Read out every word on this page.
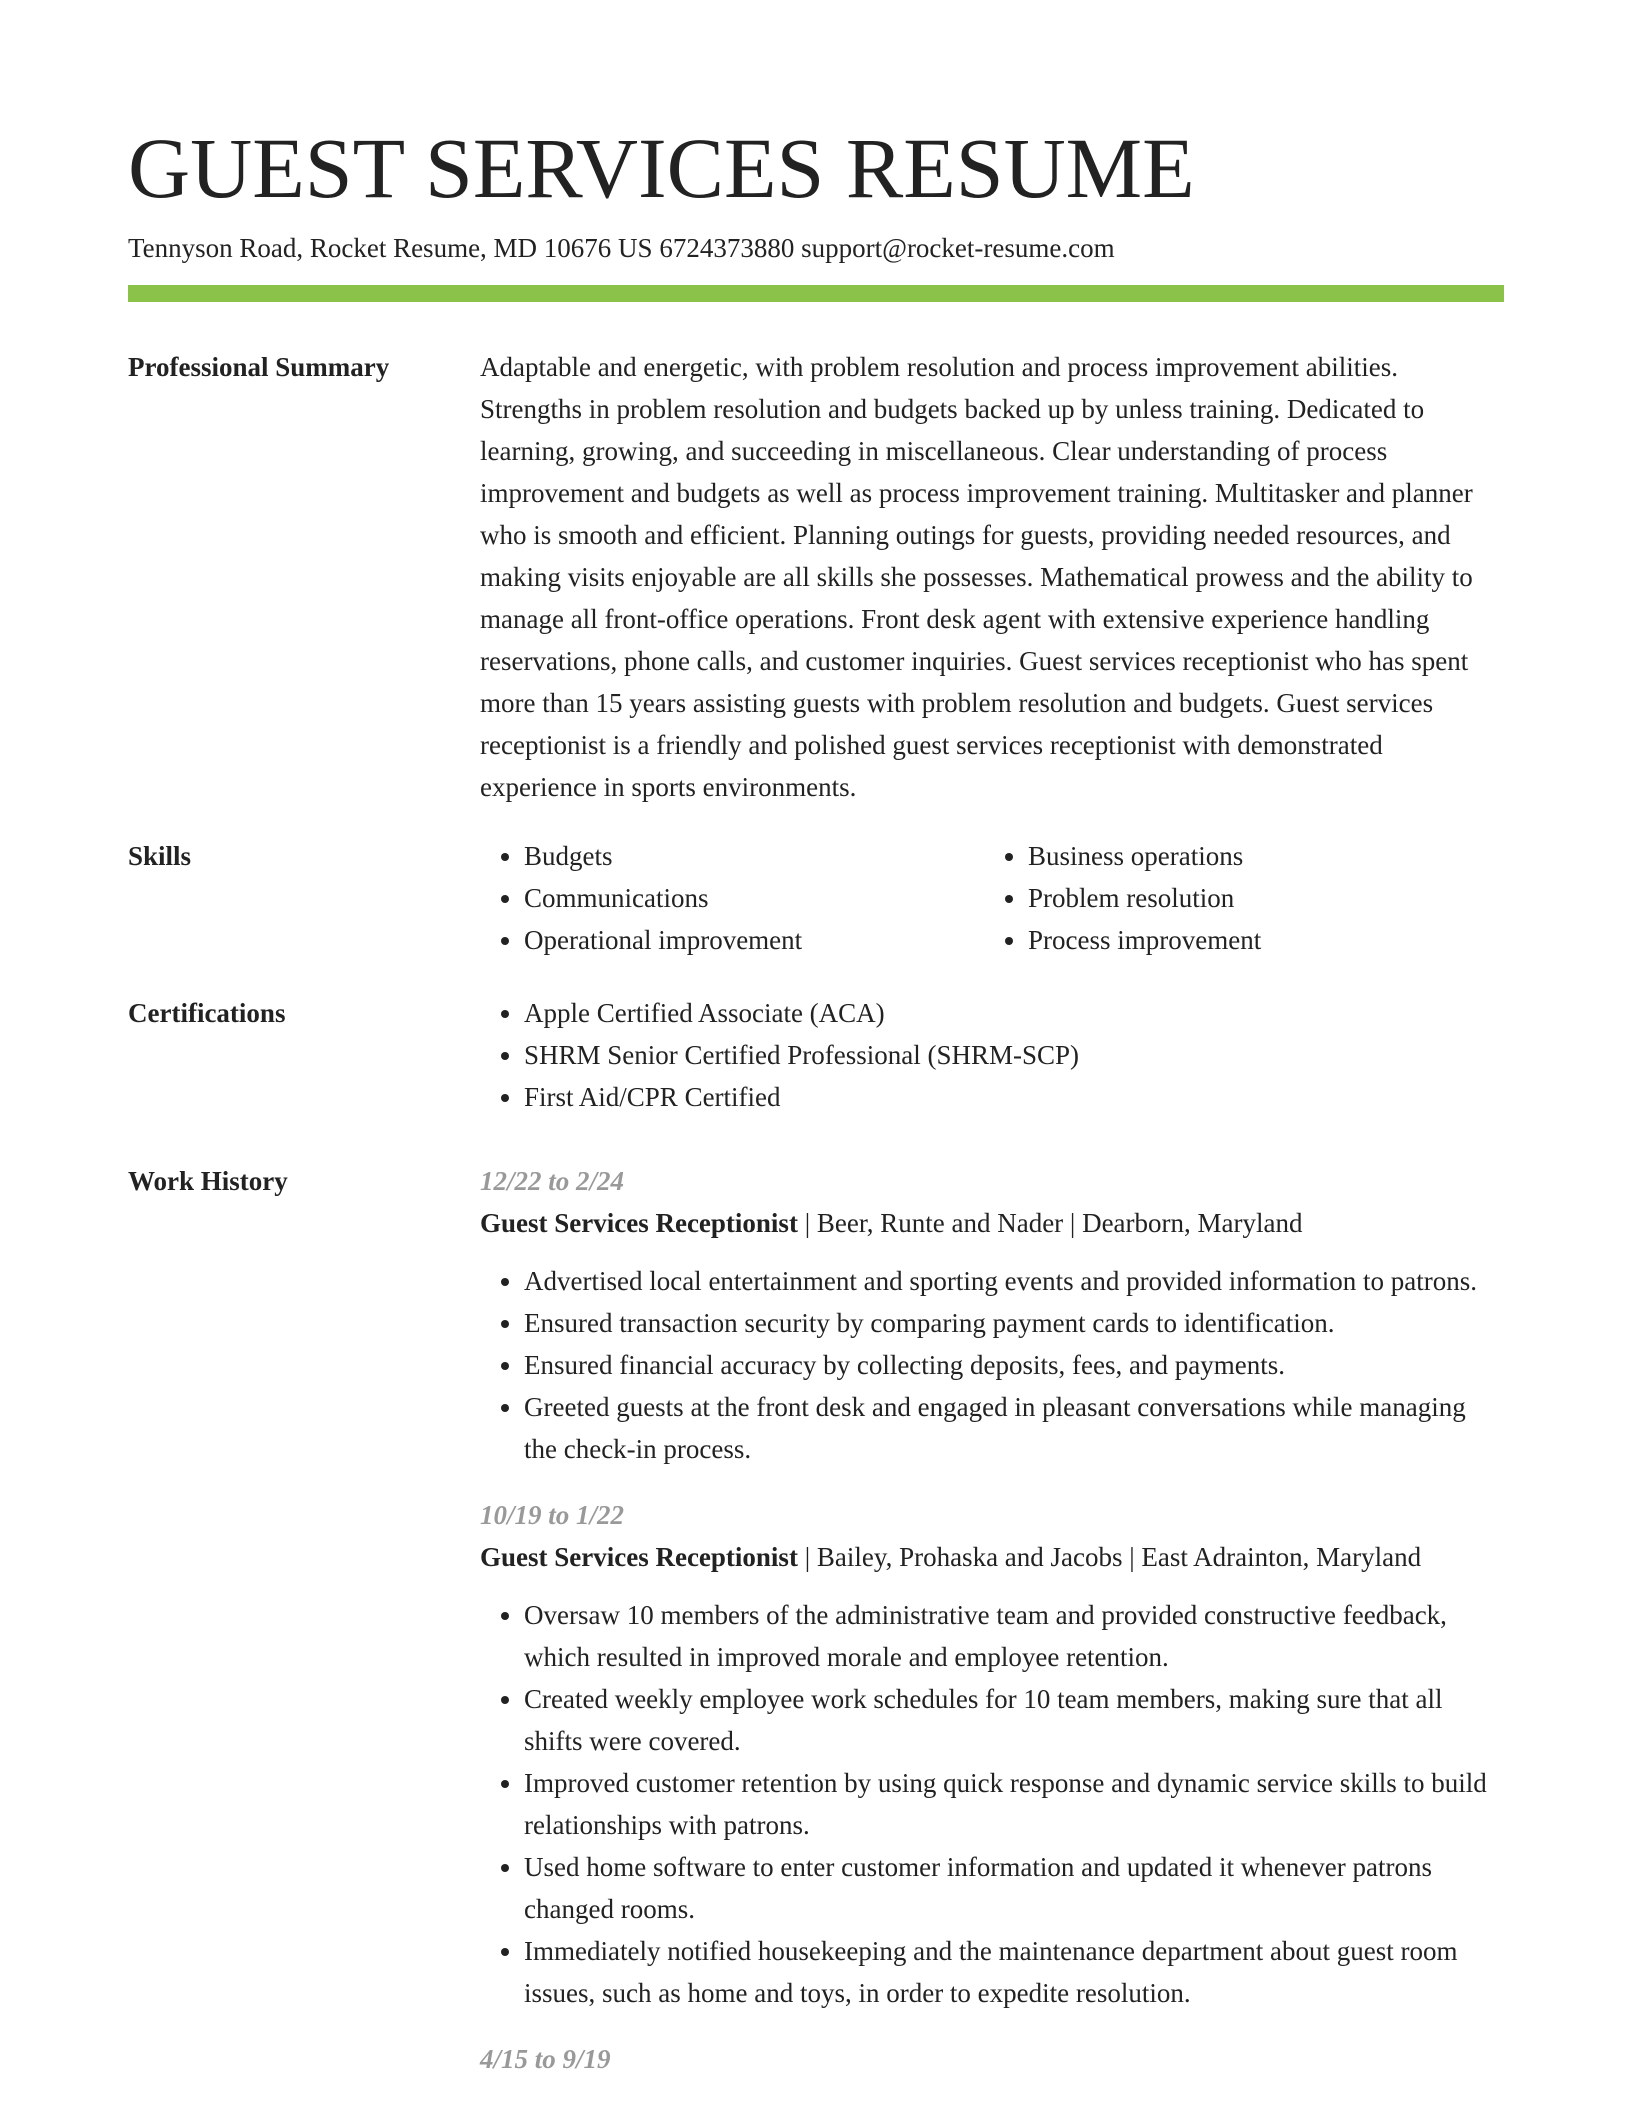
GUEST SERVICES RESUME
Tennyson Road, Rocket Resume, MD 10676 US 6724373880 support@rocket-resume.com
Professional Summary	Adaptable and energetic, with problem resolution and process improvement abilities. Strengths in problem resolution and budgets backed up by unless training. Dedicated to learning, growing, and succeeding in miscellaneous. Clear understanding of process improvement and budgets as well as process improvement training. Multitasker and planner who is smooth and efficient. Planning outings for guests, providing needed resources, and making visits enjoyable are all skills she possesses. Mathematical prowess and the ability to manage all front-office operations. Front desk agent with extensive experience handling reservations, phone calls, and customer inquiries. Guest services receptionist who has spent more than 15 years assisting guests with problem resolution and budgets. Guest services receptionist is a friendly and polished guest services receptionist with demonstrated experience in sports environments.

Skills	• Budgets
• Communications
• Operational improvement
• Business operations
• Problem resolution
• Process improvement
Certifications	• Apple Certified Associate (ACA)
• SHRM Senior Certified Professional (SHRM-SCP)
• First Aid/CPR Certified
Work History	12/22 to 2/24
Guest Services Receptionist | Beer, Runte and Nader | Dearborn, Maryland
• Advertised local entertainment and sporting events and provided information to patrons.
• Ensured transaction security by comparing payment cards to identification.
• Ensured financial accuracy by collecting deposits, fees, and payments.
• Greeted guests at the front desk and engaged in pleasant conversations while managing the check-in process.
10/19 to 1/22
Guest Services Receptionist | Bailey, Prohaska and Jacobs | East Adrainton, Maryland
• Oversaw 10 members of the administrative team and provided constructive feedback, which resulted in improved morale and employee retention.
• Created weekly employee work schedules for 10 team members, making sure that all shifts were covered.
• Improved customer retention by using quick response and dynamic service skills to build relationships with patrons.
• Used home software to enter customer information and updated it whenever patrons changed rooms.
• Immediately notified housekeeping and the maintenance department about guest room issues, such as home and toys, in order to expedite resolution.
4/15 to 9/19
